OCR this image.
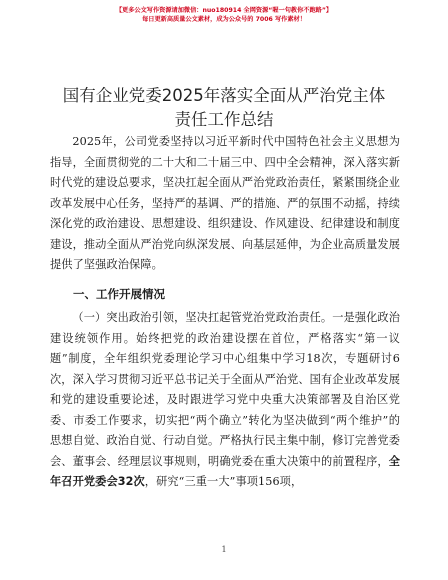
【更多公文写作资源请加微信：nuo180914 全网资源“喔一句教你不跑路”】
每日更新高质量公文素材，成为公众号的 7006 写作素材！
国有企业党委2025年落实全面从严治党主体责任工作总结

2025年，公司党委坚持以习近平新时代中国特色社会主义思想为指导，全面贯彻党的二十大和二十届三中、四中全会精神，深入落实新时代党的建设总要求，坚决扛起全面从严治党政治责任，紧紧围绕企业改革发展中心任务，坚持严的基调、严的措施、严的氛围不动摇，持续深化党的政治建设、思想建设、组织建设、作风建设、纪律建设和制度建设，推动全面从严治党向纵深发展、向基层延伸，为企业高质量发展提供了坚强政治保障。

一、工作开展情况

（一）突出政治引领，坚决扛起管党治党政治责任。一是强化政治建设统领作用。始终把党的政治建设摆在首位，严格落实“第一议题”制度，全年组织党委理论学习中心组集中学习18次，专题研讨6次，深入学习贯彻习近平总书记关于全面从严治党、国有企业改革发展和党的建设重要论述，及时跟进学习党中央重大决策部署及自治区党委、市委工作要求，切实把“两个确立”转化为坚决做到“两个维护”的思想自觉、政治自觉、行动自觉。严格执行民主集中制，修订完善党委会、董事会、经理层议事规则，明确党委在重大决策中的前置程序，全年召开党委会32次，研究“三重一大”事项156项，

1
